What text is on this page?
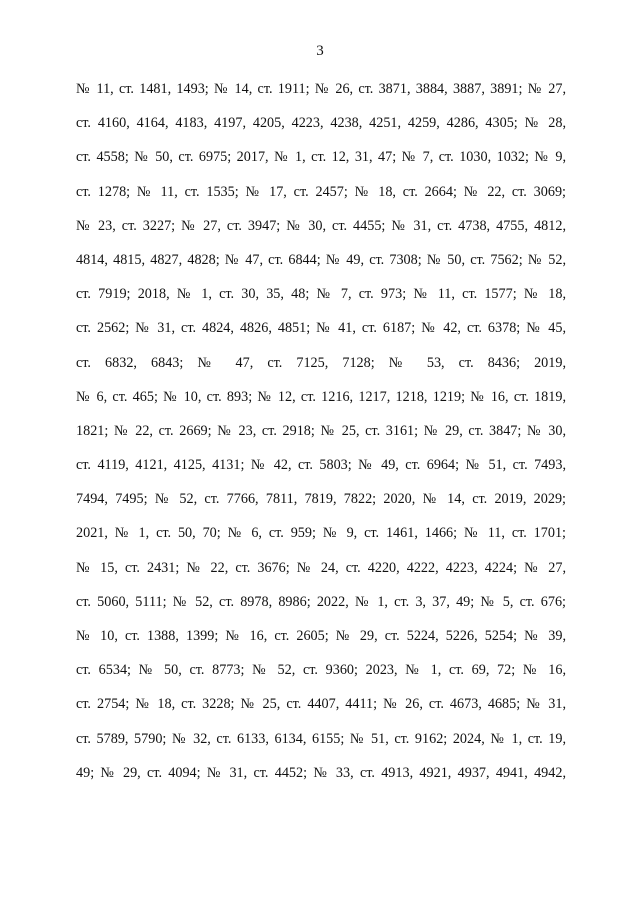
3
№ 11, ст. 1481, 1493; № 14, ст. 1911; № 26, ст. 3871, 3884, 3887, 3891; № 27,
ст. 4160, 4164, 4183, 4197, 4205, 4223, 4238, 4251, 4259, 4286, 4305; № 28,
ст. 4558; № 50, ст. 6975; 2017, № 1, ст. 12, 31, 47; № 7, ст. 1030, 1032; № 9,
ст. 1278; № 11, ст. 1535; № 17, ст. 2457; № 18, ст. 2664; № 22, ст. 3069;
№ 23, ст. 3227; № 27, ст. 3947; № 30, ст. 4455; № 31, ст. 4738, 4755, 4812,
4814, 4815, 4827, 4828; № 47, ст. 6844; № 49, ст. 7308; № 50, ст. 7562; № 52,
ст. 7919; 2018, № 1, ст. 30, 35, 48; № 7, ст. 973; № 11, ст. 1577; № 18,
ст. 2562; № 31, ст. 4824, 4826, 4851; № 41, ст. 6187; № 42, ст. 6378; № 45,
ст. 6832, 6843; № 47, ст. 7125, 7128; № 53, ст. 8436; 2019,
№ 6, ст. 465; № 10, ст. 893; № 12, ст. 1216, 1217, 1218, 1219; № 16, ст. 1819,
1821; № 22, ст. 2669; № 23, ст. 2918; № 25, ст. 3161; № 29, ст. 3847; № 30,
ст. 4119, 4121, 4125, 4131; № 42, ст. 5803; № 49, ст. 6964; № 51, ст. 7493,
7494, 7495; № 52, ст. 7766, 7811, 7819, 7822; 2020, № 14, ст. 2019, 2029;
2021, № 1, ст. 50, 70; № 6, ст. 959; № 9, ст. 1461, 1466; № 11, ст. 1701;
№ 15, ст. 2431; № 22, ст. 3676; № 24, ст. 4220, 4222, 4223, 4224; № 27,
ст. 5060, 5111; № 52, ст. 8978, 8986; 2022, № 1, ст. 3, 37, 49; № 5, ст. 676;
№ 10, ст. 1388, 1399; № 16, ст. 2605; № 29, ст. 5224, 5226, 5254; № 39,
ст. 6534; № 50, ст. 8773; № 52, ст. 9360; 2023, № 1, ст. 69, 72; № 16,
ст. 2754; № 18, ст. 3228; № 25, ст. 4407, 4411; № 26, ст. 4673, 4685; № 31,
ст. 5789, 5790; № 32, ст. 6133, 6134, 6155; № 51, ст. 9162; 2024, № 1, ст. 19,
49; № 29, ст. 4094; № 31, ст. 4452; № 33, ст. 4913, 4921, 4937, 4941, 4942,
